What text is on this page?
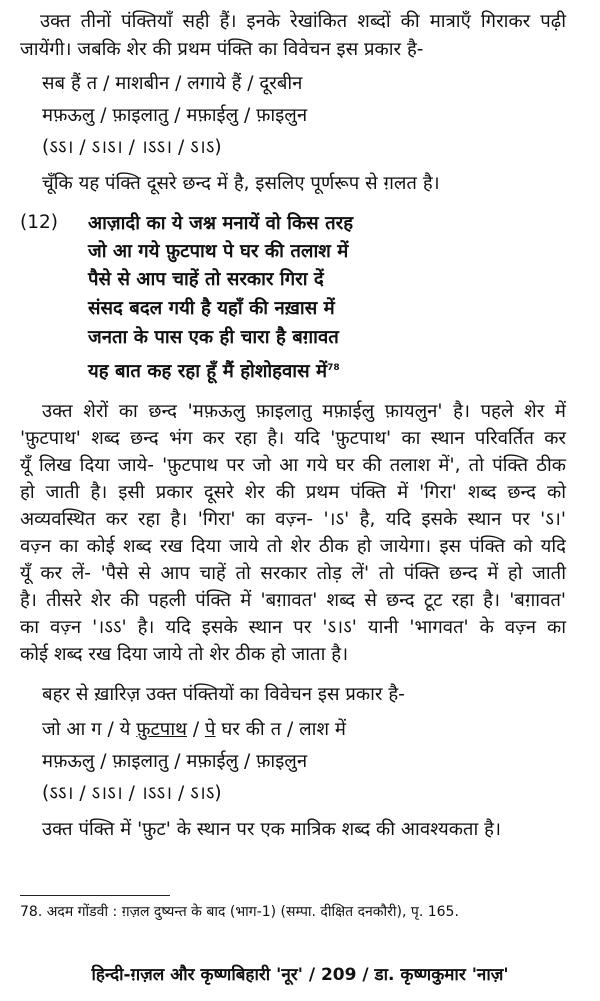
उक्त तीनों पंक्तियाँ सही हैं। इनके रेखांकित शब्दों की मात्राएँ गिराकर पढ़ी
जायेंगी। जबकि शेर की प्रथम पंक्ति का विवेचन इस प्रकार है-
सब हैं त / माशबीन / लगाये हैं / दूरबीन
मफ़ऊलु / फ़ाइलातु / मफ़ाईलु / फ़ाइलुन
(ऽऽ। / ऽ।ऽ। / ।ऽऽ। / ऽ।ऽ)
चूँकि यह पंक्ति दूसरे छन्द में है, इसलिए पूर्णरूप से ग़लत है।
(12) आज़ादी का ये जश्न मनायें वो किस तरह
जो आ गये फ़ुटपाथ पे घर की तलाश में
पैसे से आप चाहें तो सरकार गिरा दें
संसद बदल गयी है यहाँ की नख़ास में
जनता के पास एक ही चारा है बग़ावत
यह बात कह रहा हूँ मैं होशोहवास में$^{78}$
उक्त शेरों का छन्द 'मफ़ऊलु फ़ाइलातु मफ़ाईलु फ़ायलुन' है। पहले शेर में
'फ़ुटपाथ' शब्द छन्द भंग कर रहा है। यदि 'फ़ुटपाथ' का स्थान परिवर्तित कर
यूँ लिख दिया जाये- 'फ़ुटपाथ पर जो आ गये घर की तलाश में', तो पंक्ति ठीक
हो जाती है। इसी प्रकार दूसरे शेर की प्रथम पंक्ति में 'गिरा' शब्द छन्द को
अव्यवस्थित कर रहा है। 'गिरा' का वज़्न- '।ऽ' है, यदि इसके स्थान पर 'ऽ।'
वज़्न का कोई शब्द रख दिया जाये तो शेर ठीक हो जायेगा। इस पंक्ति को यदि
यूँ कर लें- 'पैसे से आप चाहें तो सरकार तोड़ लें' तो पंक्ति छन्द में हो जाती
है। तीसरे शेर की पहली पंक्ति में 'बग़ावत' शब्द से छन्द टूट रहा है। 'बग़ावत'
का वज़्न '।ऽऽ' है। यदि इसके स्थान पर 'ऽ।ऽ' यानी 'भागवत' के वज़्न का
कोई शब्द रख दिया जाये तो शेर ठीक हो जाता है।
बहर से ख़ारिज़ उक्त पंक्तियों का विवेचन इस प्रकार है-
जो आ ग / ये फ़ुटपाथ / पे घर की त / लाश में
मफ़ऊलु / फ़ाइलातु / मफ़ाईलु / फ़ाइलुन
(ऽऽ। / ऽ।ऽ। / ।ऽऽ। / ऽ।ऽ)
उक्त पंक्ति में 'फ़ुट' के स्थान पर एक मात्रिक शब्द की आवश्यकता है।
78. अदम गोंडवी : ग़ज़ल दुष्यन्त के बाद (भाग-1) (सम्पा. दीक्षित दनकौरी), पृ. 165.
हिन्दी-ग़ज़ल और कृष्णबिहारी 'नूर' / 209 / डा. कृष्णकुमार 'नाज़'
